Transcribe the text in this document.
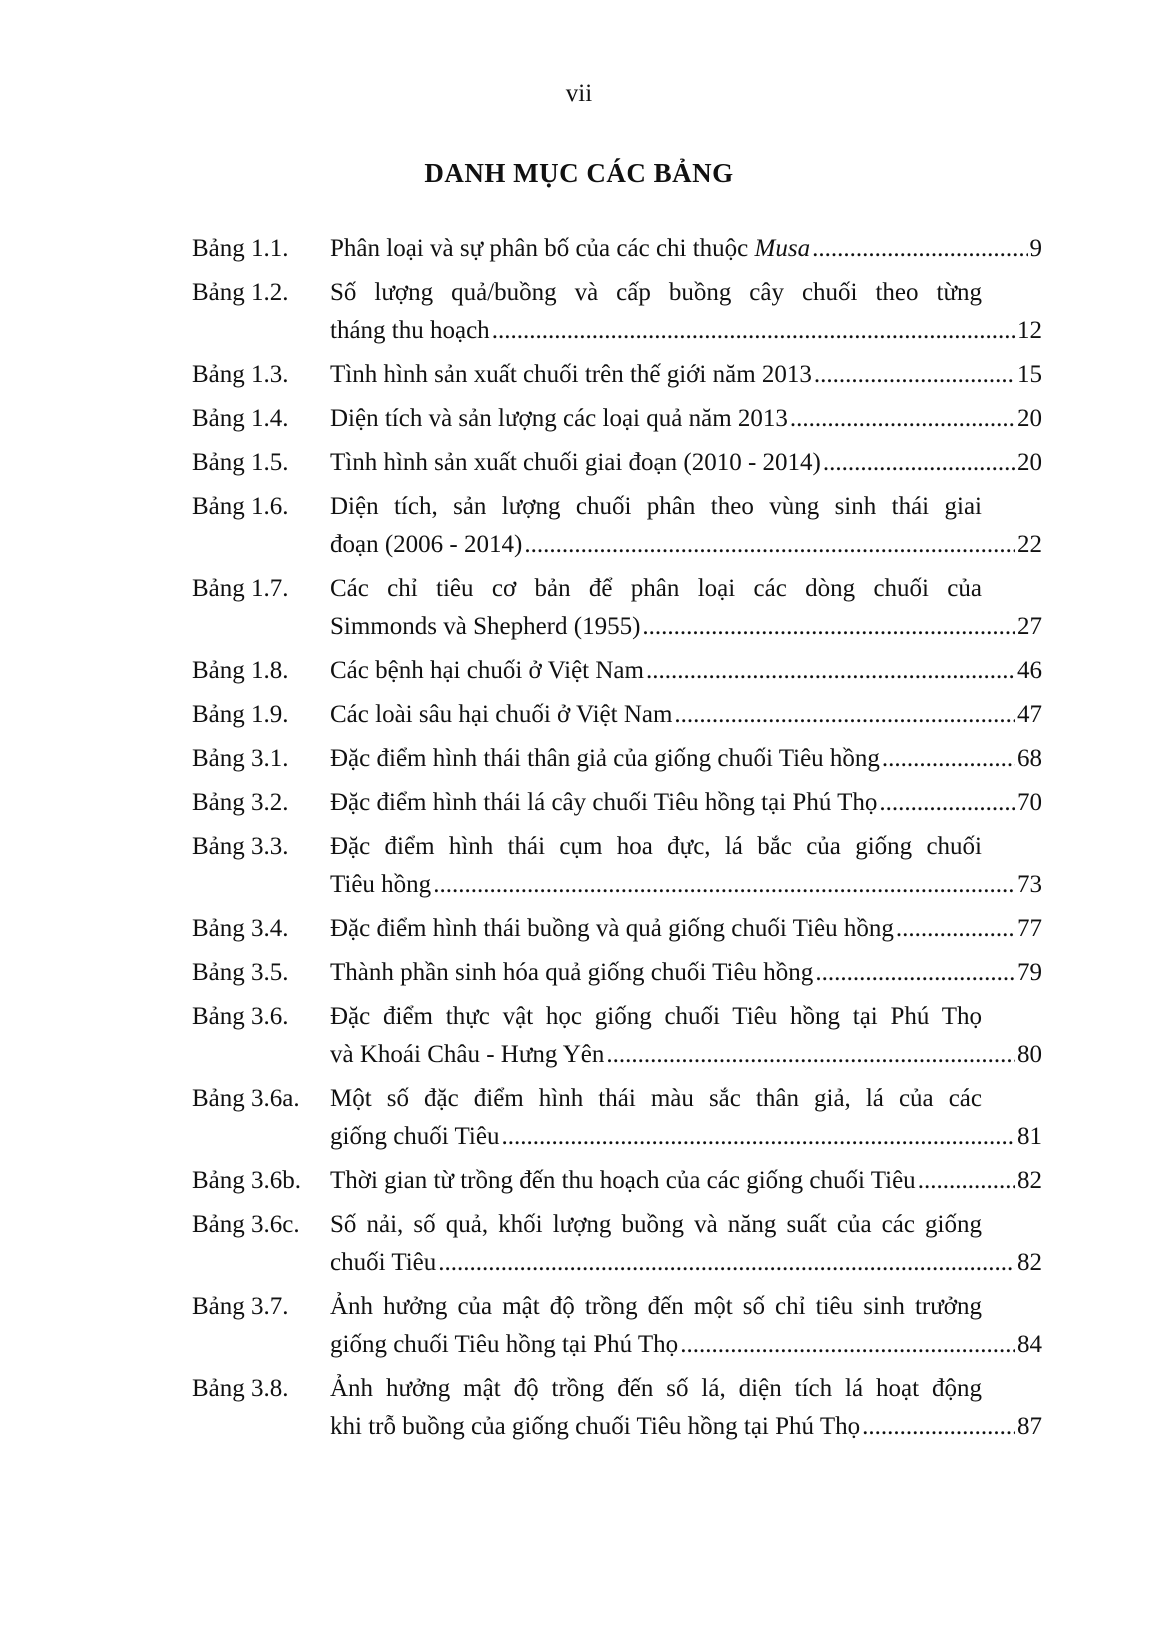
vii
DANH MỤC CÁC BẢNG
Bảng 1.1. Phân loại và sự phân bố của các chi thuộc Musa .....	9
Bảng 1.2. Số lượng quả/buồng và cấp buồng cây chuối theo từng
tháng thu hoạch .....	12
Bảng 1.3. Tình hình sản xuất chuối trên thế giới năm 2013 .....	15
Bảng 1.4. Diện tích và sản lượng các loại quả năm 2013 .....	20
Bảng 1.5. Tình hình sản xuất chuối giai đoạn (2010 - 2014) .....	20
Bảng 1.6. Diện tích, sản lượng chuối phân theo vùng sinh thái giai
đoạn (2006 - 2014) .....	22
Bảng 1.7. Các chỉ tiêu cơ bản để phân loại các dòng chuối của
Simmonds và Shepherd (1955) .....	27
Bảng 1.8. Các bệnh hại chuối ở Việt Nam .....	46
Bảng 1.9. Các loài sâu hại chuối ở Việt Nam .....	47
Bảng 3.1. Đặc điểm hình thái thân giả của giống chuối Tiêu hồng .....	68
Bảng 3.2. Đặc điểm hình thái lá cây chuối Tiêu hồng tại Phú Thọ .....	70
Bảng 3.3. Đặc điểm hình thái cụm hoa đực, lá bắc của giống chuối
Tiêu hồng .....	73
Bảng 3.4. Đặc điểm hình thái buồng và quả giống chuối Tiêu hồng .....	77
Bảng 3.5. Thành phần sinh hóa quả giống chuối Tiêu hồng .....	79
Bảng 3.6. Đặc điểm thực vật học giống chuối Tiêu hồng tại Phú Thọ
và Khoái Châu - Hưng Yên .....	80
Bảng 3.6a. Một số đặc điểm hình thái màu sắc thân giả, lá của các
giống chuối Tiêu .....	81
Bảng 3.6b. Thời gian từ trồng đến thu hoạch của các giống chuối Tiêu .....	82
Bảng 3.6c. Số nải, số quả, khối lượng buồng và năng suất của các giống
chuối Tiêu .....	82
Bảng 3.7. Ảnh hưởng của mật độ trồng đến một số chỉ tiêu sinh trưởng
giống chuối Tiêu hồng tại Phú Thọ .....	84
Bảng 3.8. Ảnh hưởng mật độ trồng đến số lá, diện tích lá hoạt động
khi trỗ buồng của giống chuối Tiêu hồng tại Phú Thọ .....	87
